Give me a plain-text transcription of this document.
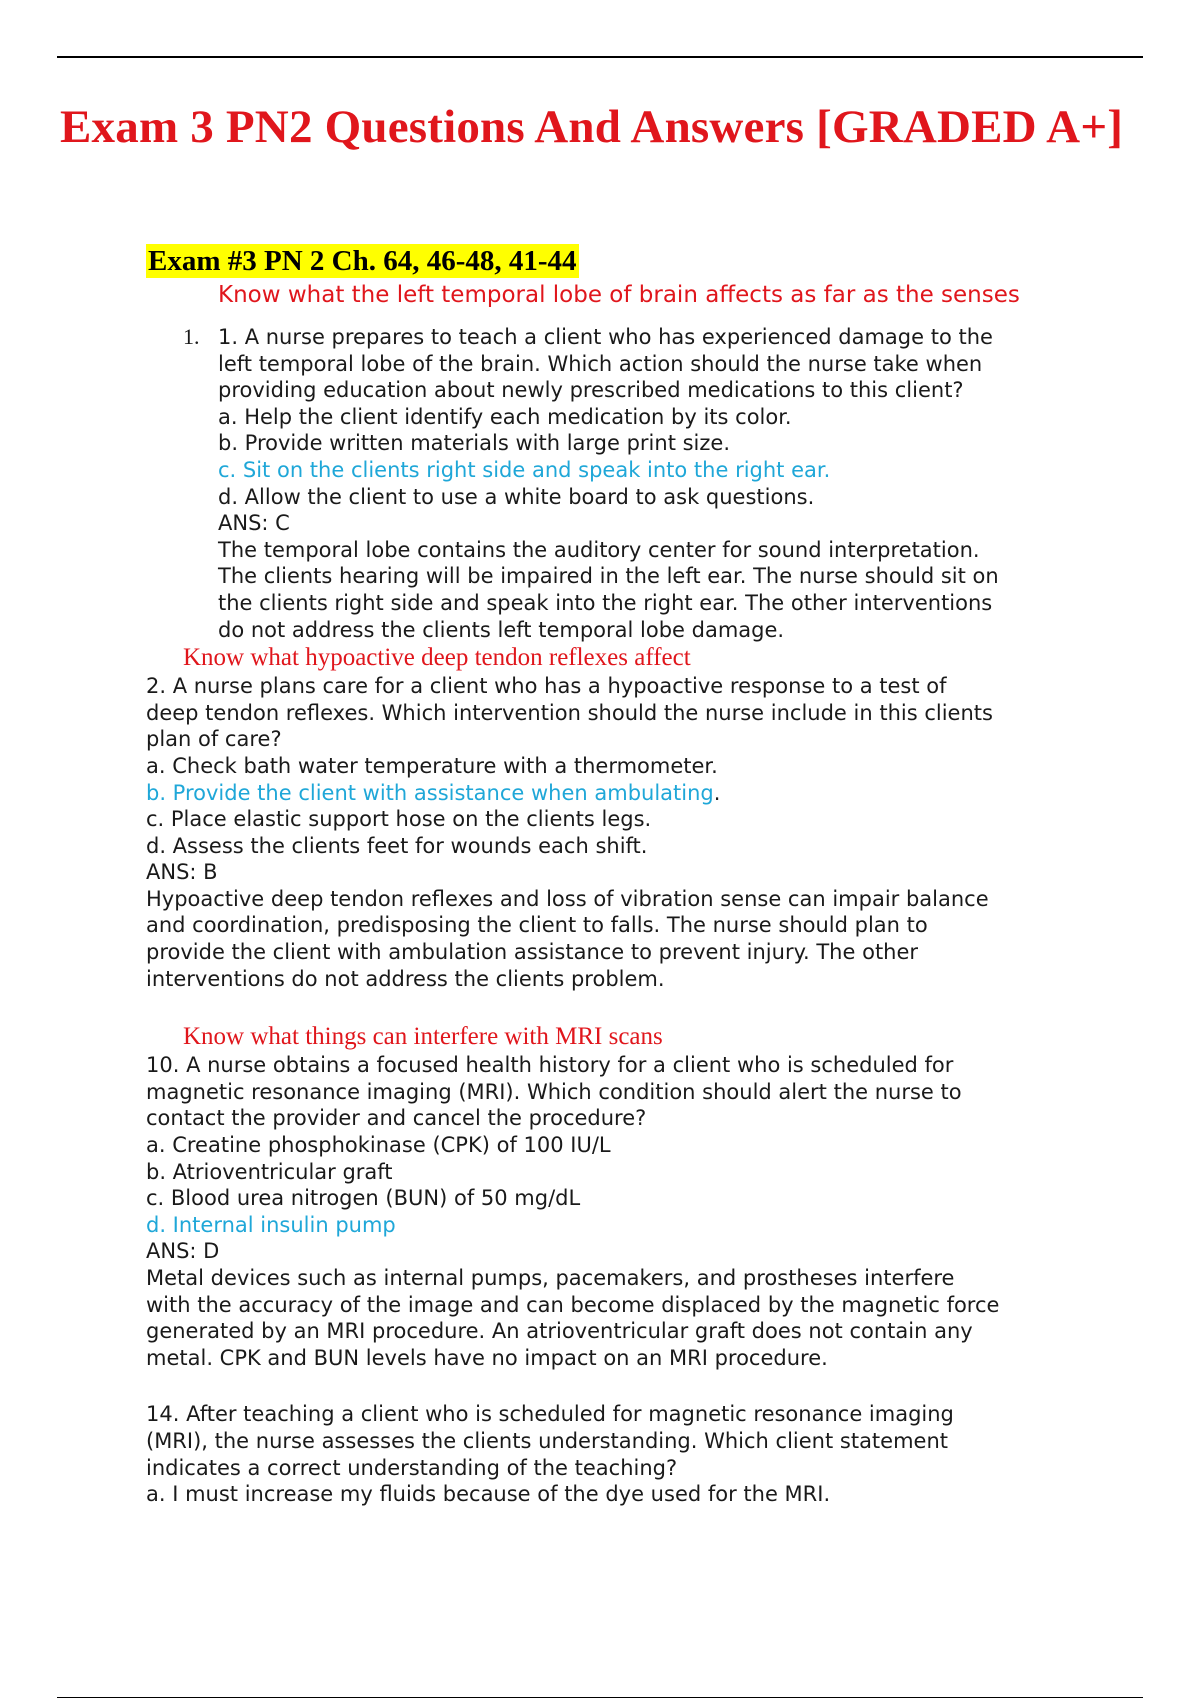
Exam 3 PN2 Questions And Answers [GRADED A+]

Exam #3 PN 2 Ch. 64, 46-48, 41-44

Know what the left temporal lobe of brain affects as far as the senses

1. 1. A nurse prepares to teach a client who has experienced damage to the

left temporal lobe of the brain. Which action should the nurse take when

providing education about newly prescribed medications to this client?

a. Help the client identify each medication by its color.

b. Provide written materials with large print size.

c. Sit on the clients right side and speak into the right ear.

d. Allow the client to use a white board to ask questions.

ANS: C

The temporal lobe contains the auditory center for sound interpretation.

The clients hearing will be impaired in the left ear. The nurse should sit on

the clients right side and speak into the right ear. The other interventions

do not address the clients left temporal lobe damage.

Know what hypoactive deep tendon reflexes affect

2. A nurse plans care for a client who has a hypoactive response to a test of

deep tendon reflexes. Which intervention should the nurse include in this clients

plan of care?

a. Check bath water temperature with a thermometer.

b. Provide the client with assistance when ambulating.

c. Place elastic support hose on the clients legs.

d. Assess the clients feet for wounds each shift.

ANS: B

Hypoactive deep tendon reflexes and loss of vibration sense can impair balance

and coordination, predisposing the client to falls. The nurse should plan to

provide the client with ambulation assistance to prevent injury. The other

interventions do not address the clients problem.

Know what things can interfere with MRI scans

10. A nurse obtains a focused health history for a client who is scheduled for

magnetic resonance imaging (MRI). Which condition should alert the nurse to

contact the provider and cancel the procedure?

a. Creatine phosphokinase (CPK) of 100 IU/L

b. Atrioventricular graft

c. Blood urea nitrogen (BUN) of 50 mg/dL

d. Internal insulin pump

ANS: D

Metal devices such as internal pumps, pacemakers, and prostheses interfere

with the accuracy of the image and can become displaced by the magnetic force

generated by an MRI procedure. An atrioventricular graft does not contain any

metal. CPK and BUN levels have no impact on an MRI procedure.

14. After teaching a client who is scheduled for magnetic resonance imaging

(MRI), the nurse assesses the clients understanding. Which client statement

indicates a correct understanding of the teaching?

a. I must increase my fluids because of the dye used for the MRI.
